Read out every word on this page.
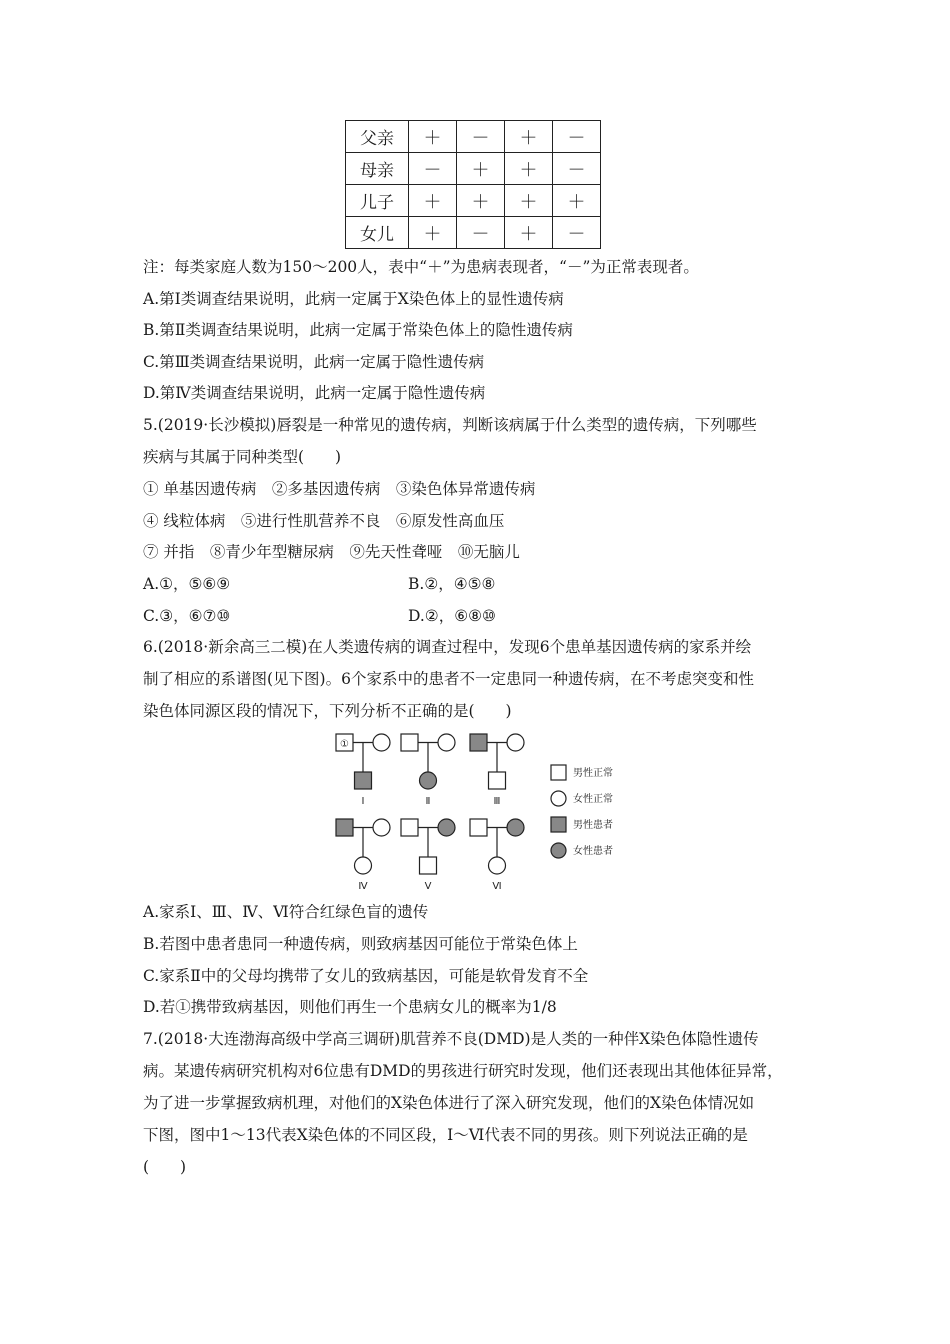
父亲	＋	－	＋	－
母亲	－	＋	＋	－
儿子	＋	＋	＋	＋
女儿	＋	－	＋	－
注：每类家庭人数为150～200人，表中“＋”为患病表现者，“－”为正常表现者。
A.第Ⅰ类调查结果说明，此病一定属于X染色体上的显性遗传病
B.第Ⅱ类调查结果说明，此病一定属于常染色体上的隐性遗传病
C.第Ⅲ类调查结果说明，此病一定属于隐性遗传病
D.第Ⅳ类调查结果说明，此病一定属于隐性遗传病
5.(2019·长沙模拟)唇裂是一种常见的遗传病，判断该病属于什么类型的遗传病，下列哪些
疾病与其属于同种类型(　　)
① 单基因遗传病　②多基因遗传病　③染色体异常遗传病
④ 线粒体病　⑤进行性肌营养不良　⑥原发性高血压
⑦ 并指　⑧青少年型糖尿病　⑨先天性聋哑　⑩无脑儿
A.①，⑤⑥⑨	B.②，④⑤⑧
C.③，⑥⑦⑩	D.②，⑥⑧⑩
6.(2018·新余高三二模)在人类遗传病的调查过程中，发现6个患单基因遗传病的家系并绘
制了相应的系谱图(见下图)。6个家系中的患者不一定患同一种遗传病，在不考虑突变和性
染色体同源区段的情况下，下列分析不正确的是(　　)
①
Ⅰ	Ⅱ	Ⅲ
Ⅳ	Ⅴ	Ⅵ
男性正常
女性正常
男性患者
女性患者
A.家系Ⅰ、Ⅲ、Ⅳ、Ⅵ符合红绿色盲的遗传
B.若图中患者患同一种遗传病，则致病基因可能位于常染色体上
C.家系Ⅱ中的父母均携带了女儿的致病基因，可能是软骨发育不全
D.若①携带致病基因，则他们再生一个患病女儿的概率为1/8
7.(2018·大连渤海高级中学高三调研)肌营养不良(DMD)是人类的一种伴X染色体隐性遗传
病。某遗传病研究机构对6位患有DMD的男孩进行研究时发现，他们还表现出其他体征异常，
为了进一步掌握致病机理，对他们的X染色体进行了深入研究发现，他们的X染色体情况如
下图，图中1～13代表X染色体的不同区段，Ⅰ～Ⅵ代表不同的男孩。则下列说法正确的是
(　　)
